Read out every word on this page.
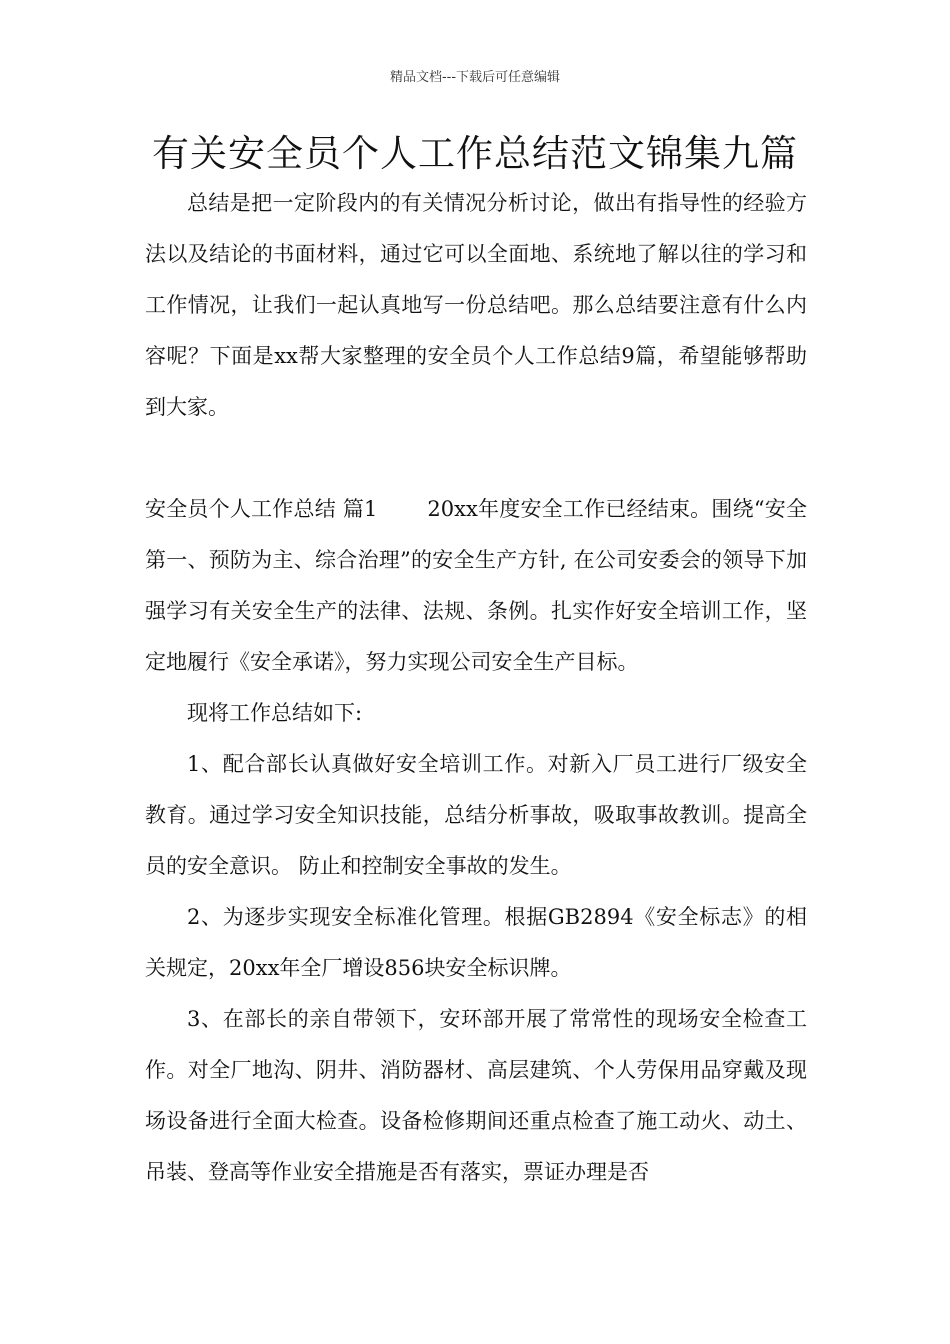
精品文档---下载后可任意编辑
有关安全员个人工作总结范文锦集九篇

总结是把一定阶段内的有关情况分析讨论，做出有指导性的经验方法以及结论的书面材料，通过它可以全面地、系统地了解以往的学习和工作情况，让我们一起认真地写一份总结吧。那么总结要注意有什么内容呢？下面是xx帮大家整理的安全员个人工作总结9篇，希望能够帮助到大家。

安全员个人工作总结 篇1 20xx年度安全工作已经结束。围绕“安全第一、预防为主、综合治理”的安全生产方针, 在公司安委会的领导下加强学习有关安全生产的法律、法规、条例。扎实作好安全培训工作，坚定地履行《安全承诺》，努力实现公司安全生产目标。

现将工作总结如下:

1、配合部长认真做好安全培训工作。对新入厂员工进行厂级安全教育。通过学习安全知识技能，总结分析事故，吸取事故教训。提高全员的安全意识。 防止和控制安全事故的发生。

2、为逐步实现安全标准化管理。根据GB2894《安全标志》的相关规定，20xx年全厂增设856块安全标识牌。

3、在部长的亲自带领下，安环部开展了常常性的现场安全检查工作。对全厂地沟、阴井、消防器材、高层建筑、个人劳保用品穿戴及现场设备进行全面大检查。设备检修期间还重点检查了施工动火、动土、吊装、登高等作业安全措施是否有落实，票证办理是否
